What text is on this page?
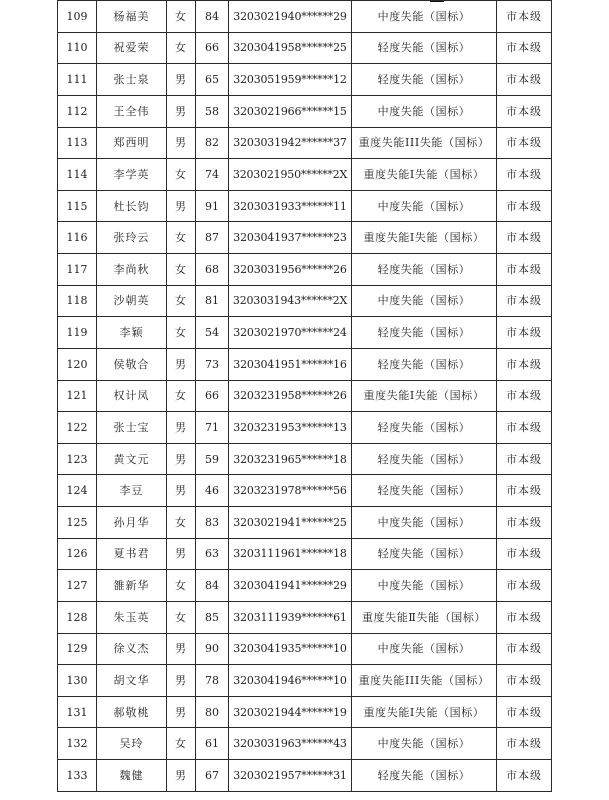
109	杨福美	女	84	3203021940******29	中度失能（国标）	市本级
110	祝爱荣	女	66	3203041958******25	轻度失能（国标）	市本级
111	张士泉	男	65	3203051959******12	轻度失能（国标）	市本级
112	王全伟	男	58	3203021966******15	中度失能（国标）	市本级
113	郑西明	男	82	3203031942******37	重度失能III失能（国标）	市本级
114	李学英	女	74	3203021950******2X	重度失能Ⅰ失能（国标）	市本级
115	杜长钧	男	91	3203031933******11	中度失能（国标）	市本级
116	张玲云	女	87	3203041937******23	重度失能Ⅰ失能（国标）	市本级
117	李尚秋	女	68	3203031956******26	轻度失能（国标）	市本级
118	沙朝英	女	81	3203031943******2X	中度失能（国标）	市本级
119	李颖	女	54	3203021970******24	轻度失能（国标）	市本级
120	侯敬合	男	73	3203041951******16	轻度失能（国标）	市本级
121	权计凤	女	66	3203231958******26	重度失能Ⅰ失能（国标）	市本级
122	张士宝	男	71	3203231953******13	轻度失能（国标）	市本级
123	黄文元	男	59	3203231965******18	轻度失能（国标）	市本级
124	李豆	男	46	3203231978******56	轻度失能（国标）	市本级
125	孙月华	女	83	3203021941******25	中度失能（国标）	市本级
126	夏书君	男	63	3203111961******18	轻度失能（国标）	市本级
127	雒新华	女	84	3203041941******29	中度失能（国标）	市本级
128	朱玉英	女	85	3203111939******61	重度失能Ⅱ失能（国标）	市本级
129	徐义杰	男	90	3203041935******10	中度失能（国标）	市本级
130	胡文华	男	78	3203041946******10	重度失能III失能（国标）	市本级
131	郝敬桃	男	80	3203021944******19	重度失能Ⅰ失能（国标）	市本级
132	吴玲	女	61	3203031963******43	中度失能（国标）	市本级
133	魏健	男	67	3203021957******31	轻度失能（国标）	市本级
